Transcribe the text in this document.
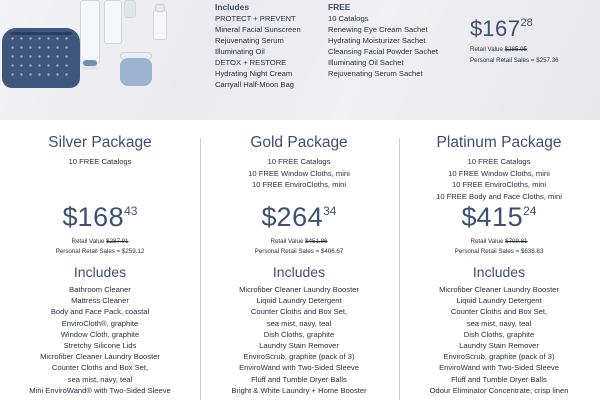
Includes
PROTECT + PREVENT
Mineral Facial Sunscreen
Rejuvenating Serum
Illuminating Oil
DETOX + RESTORE
Hydrating Night Cream
Carryall Half-Moon Bag
FREE
10 Catalogs
Renewing Eye Cream Sachet
Hydrating Moisturizer Sachet
Cleansing Facial Powder Sachet
Illuminating Oil Sachet
Rejuvenating Serum Sachet
$\$167^{28}$
Retail Value $285.95
Personal Retail Sales = $257.36
Silver Package
10 FREE Catalogs
$\$168^{43}$
Retail Value $287.91
Personal Retail Sales = $259.12
Includes
Bathroom Cleaner
Mattress Cleaner
Body and Face Pack, coastal
EnviroCloth®, graphite
Window Cloth, graphite
Stretchy Silicone Lids
Microfiber Cleaner Laundry Booster
Counter Cloths and Box Set,
sea mist, navy, teal
Mini EnviroWand® with Two-Sided Sleeve
Gold Package
10 FREE Catalogs
10 FREE Window Cloths, mini
10 FREE EnviroCloths, mini
$\$264^{34}$
Retail Value $451.86
Personal Retail Sales = $406.67
Includes
Microfiber Cleaner Laundry Booster
Liquid Laundry Detergent
Counter Cloths and Box Set,
sea mist, navy, teal
Dish Cloths, graphite
Laundry Stain Remover
EnviroScrub, graphite (pack of 3)
EnviroWand with Two-Sided Sleeve
Fluff and Tumble Dryer Balls
Bright & White Laundry + Home Booster
Platinum Package
10 FREE Catalogs
10 FREE Window Cloths, mini
10 FREE EnviroCloths, mini
10 FREE Body and Face Cloths, mini
$\$415^{24}$
Retail Value $709.81
Personal Retail Sales = $638.83
Includes
Microfiber Cleaner Laundry Booster
Liquid Laundry Detergent
Counter Cloths and Box Set,
sea mist, navy, teal
Dish Cloths, graphite
Laundry Stain Remover
EnviroScrub, graphite (pack of 3)
EnviroWand with Two-Sided Sleeve
Fluff and Tumble Dryer Balls
Odour Eliminator Concentrate, crisp linen
